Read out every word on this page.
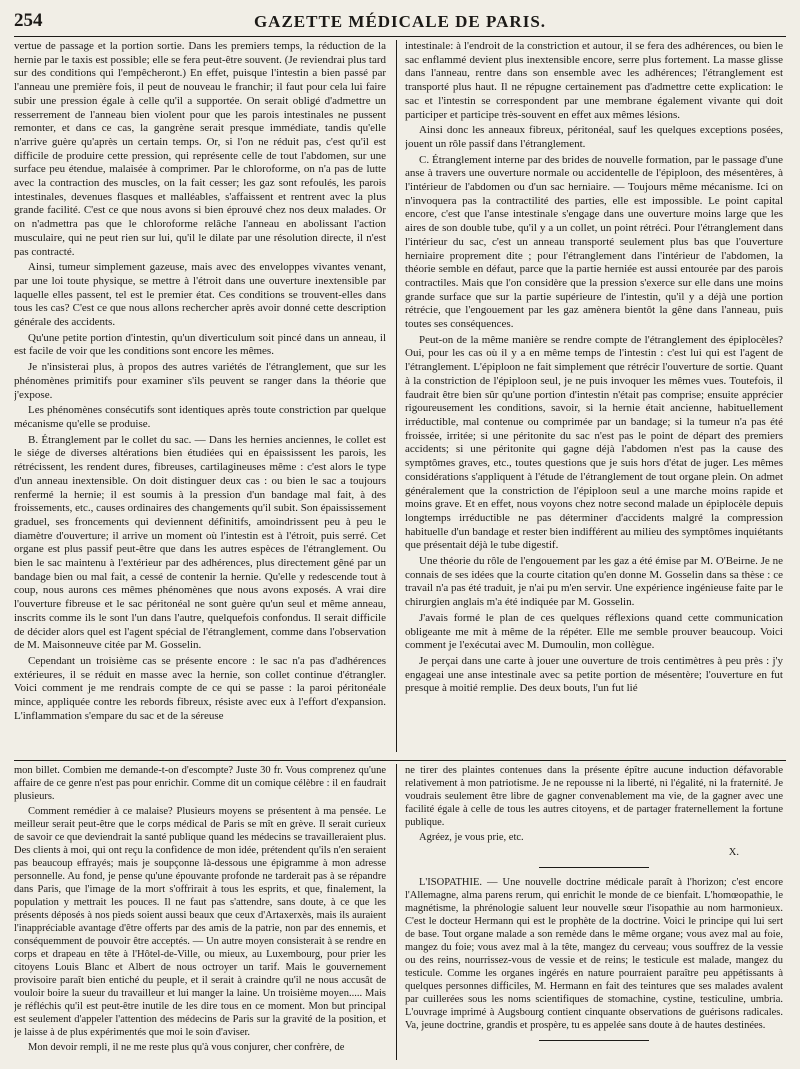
254	GAZETTE MÉDICALE DE PARIS.

vertue de passage et la portion sortie. Dans les premiers temps, la réduction de la hernie par le taxis est possible; elle se fera peut-être souvent. (Je reviendrai plus tard sur des conditions qui l'empêcheront.) En effet, puisque l'intestin a bien passé par l'anneau une première fois, il peut de nouveau le franchir; il faut pour cela lui faire subir une pression égale à celle qu'il a supportée. On serait obligé d'admettre un resserrement de l'anneau bien violent pour que les parois intestinales ne pussent remonter, et dans ce cas, la gangrène serait presque immédiate, tandis qu'elle n'arrive guère qu'après un certain temps. Or, si l'on ne réduit pas, c'est qu'il est difficile de produire cette pression, qui représente celle de tout l'abdomen, sur une surface peu étendue, malaisée à comprimer. Par le chloroforme, on n'a pas de lutte avec la contraction des muscles, on la fait cesser; les gaz sont refoulés, les parois intestinales, devenues flasques et malléables, s'affaissent et rentrent avec la plus grande facilité. C'est ce que nous avons si bien éprouvé chez nos deux malades. Or on n'admettra pas que le chloroforme relâche l'anneau en abolissant l'action musculaire, qui ne peut rien sur lui, qu'il le dilate par une résolution directe, il n'est pas contracté.

Ainsi, tumeur simplement gazeuse, mais avec des enveloppes vivantes venant, par une loi toute physique, se mettre à l'étroit dans une ouverture inextensible par laquelle elles passent, tel est le premier état. Ces conditions se trouvent-elles dans tous les cas? C'est ce que nous allons rechercher après avoir donné cette description générale des accidents.

Qu'une petite portion d'intestin, qu'un diverticulum soit pincé dans un anneau, il est facile de voir que les conditions sont encore les mêmes.

Je n'insisterai plus, à propos des autres variétés de l'étranglement, que sur les phénomènes primitifs pour examiner s'ils peuvent se ranger dans la théorie que j'expose.

Les phénomènes consécutifs sont identiques après toute constriction par quelque mécanisme qu'elle se produise.

B. Étranglement par le collet du sac. — Dans les hernies anciennes, le collet est le siége de diverses altérations bien étudiées qui en épaississent les parois, les rétrécissent, les rendent dures, fibreuses, cartilagineuses même : c'est alors le type d'un anneau inextensible. On doit distinguer deux cas : ou bien le sac a toujours renfermé la hernie; il est soumis à la pression d'un bandage mal fait, à des froissements, etc., causes ordinaires des changements qu'il subit. Son épaississement graduel, ses froncements qui deviennent définitifs, amoindrissent peu à peu le diamètre d'ouverture; il arrive un moment où l'intestin est à l'étroit, puis serré. Cet organe est plus passif peut-être que dans les autres espèces de l'étranglement. Ou bien le sac maintenu à l'extérieur par des adhérences, plus directement gêné par un bandage bien ou mal fait, a cessé de contenir la hernie. Qu'elle y redescende tout à coup, nous aurons ces mêmes phénomènes que nous avons exposés. A vrai dire l'ouverture fibreuse et le sac péritonéal ne sont guère qu'un seul et même anneau, inscrits comme ils le sont l'un dans l'autre, quelquefois confondus. Il serait difficile de décider alors quel est l'agent spécial de l'étranglement, comme dans l'observation de M. Maisonneuve citée par M. Gosselin.

Cependant un troisième cas se présente encore : le sac n'a pas d'adhérences extérieures, il se réduit en masse avec la hernie, son collet continue d'étrangler. Voici comment je me rendrais compte de ce qui se passe : la paroi péritonéale mince, appliquée contre les rebords fibreux, résiste avec eux à l'effort d'expansion. L'inflammation s'empare du sac et de la séreuse

intestinale: à l'endroit de la constriction et autour, il se fera des adhérences, ou bien le sac enflammé devient plus inextensible encore, serre plus fortement. La masse glisse dans l'anneau, rentre dans son ensemble avec les adhérences; l'étranglement est transporté plus haut. Il ne répugne certainement pas d'admettre cette explication: le sac et l'intestin se correspondent par une membrane également vivante qui doit participer et participe très-souvent en effet aux mêmes lésions.

Ainsi donc les anneaux fibreux, péritonéal, sauf les quelques exceptions posées, jouent un rôle passif dans l'étranglement.

C. Étranglement interne par des brides de nouvelle formation, par le passage d'une anse à travers une ouverture normale ou accidentelle de l'épiploon, des mésentères, à l'intérieur de l'abdomen ou d'un sac herniaire. — Toujours même mécanisme. Ici on n'invoquera pas la contractilité des parties, elle est impossible. Le point capital encore, c'est que l'anse intestinale s'engage dans une ouverture moins large que les aires de son double tube, qu'il y a un collet, un point rétréci. Pour l'étranglement dans l'intérieur du sac, c'est un anneau transporté seulement plus bas que l'ouverture herniaire proprement dite ; pour l'étranglement dans l'intérieur de l'abdomen, la théorie semble en défaut, parce que la partie herniée est aussi entourée par des parois contractiles. Mais que l'on considère que la pression s'exerce sur elle dans une moins grande surface que sur la partie supérieure de l'intestin, qu'il y a déjà une portion rétrécie, que l'engouement par les gaz amènera bientôt la gêne dans l'anneau, puis toutes ses conséquences.

Peut-on de la même manière se rendre compte de l'étranglement des épiplocèles? Oui, pour les cas où il y a en même temps de l'intestin : c'est lui qui est l'agent de l'étranglement. L'épiploon ne fait simplement que rétrécir l'ouverture de sortie. Quant à la constriction de l'épiploon seul, je ne puis invoquer les mêmes vues. Toutefois, il faudrait être bien sûr qu'une portion d'intestin n'était pas comprise; ensuite apprécier rigoureusement les conditions, savoir, si la hernie était ancienne, habituellement irréductible, mal contenue ou comprimée par un bandage; si la tumeur n'a pas été froissée, irritée; si une péritonite du sac n'est pas le point de départ des premiers accidents; si une péritonite qui gagne déjà l'abdomen n'est pas la cause des symptômes graves, etc., toutes questions que je suis hors d'état de juger. Les mêmes considérations s'appliquent à l'étude de l'étranglement de tout organe plein. On admet généralement que la constriction de l'épiploon seul a une marche moins rapide et moins grave. Et en effet, nous voyons chez notre second malade un épiplocèle depuis longtemps irréductible ne pas déterminer d'accidents malgré la compression habituelle d'un bandage et rester bien indifférent au milieu des symptômes inquiétants que présentait déjà le tube digestif.

Une théorie du rôle de l'engouement par les gaz a été émise par M. O'Beirne. Je ne connais de ses idées que la courte citation qu'en donne M. Gosselin dans sa thèse : ce travail n'a pas été traduit, je n'ai pu m'en servir. Une expérience ingénieuse faite par le chirurgien anglais m'a été indiquée par M. Gosselin.

J'avais formé le plan de ces quelques réflexions quand cette communication obligeante me mit à même de la répéter. Elle me semble prouver beaucoup. Voici comment je l'exécutai avec M. Dumoulin, mon collègue.

Je perçai dans une carte à jouer une ouverture de trois centimètres à peu près : j'y engageai une anse intestinale avec sa petite portion de mésentère; l'ouverture en fut presque à moitié remplie. Des deux bouts, l'un fut lié

mon billet. Combien me demande-t-on d'escompte? Juste 30 fr. Vous comprenez qu'une affaire de ce genre n'est pas pour enrichir. Comme dit un comique célèbre : il en faudrait plusieurs.

Comment remédier à ce malaise? Plusieurs moyens se présentent à ma pensée. Le meilleur serait peut-être que le corps médical de Paris se mît en grève. Il serait curieux de savoir ce que deviendrait la santé publique quand les médecins se travailleraient plus. Des clients à moi, qui ont reçu la confidence de mon idée, prétendent qu'ils n'en seraient pas beaucoup effrayés; mais je soupçonne là-dessous une épigramme à mon adresse personnelle. Au fond, je pense qu'une épouvante profonde ne tarderait pas à se répandre dans Paris, que l'image de la mort s'offrirait à tous les esprits, et que, finalement, la population y mettrait les pouces. Il ne faut pas s'attendre, sans doute, à ce que les présents déposés à nos pieds soient aussi beaux que ceux d'Artaxerxès, mais ils auraient l'inappréciable avantage d'être offerts par des amis de la patrie, non par des ennemis, et conséquemment de pouvoir être acceptés. — Un autre moyen consisterait à se rendre en corps et drapeau en tête à l'Hôtel-de-Ville, ou mieux, au Luxembourg, pour prier les citoyens Louis Blanc et Albert de nous octroyer un tarif. Mais le gouvernement provisoire paraît bien entiché du peuple, et il serait à craindre qu'il ne nous accusât de vouloir boire la sueur du travailleur et lui manger la laine. Un troisième moyen..... Mais je réfléchis qu'il est peut-être inutile de les dire tous en ce moment. Mon but principal est seulement d'appeler l'attention des médecins de Paris sur la gravité de la position, et je laisse à de plus expérimentés que moi le soin d'aviser.

Mon devoir rempli, il ne me reste plus qu'à vous conjurer, cher confrère, de

ne tirer des plaintes contenues dans la présente épître aucune induction défavorable relativement à mon patriotisme. Je ne repousse ni la liberté, ni l'égalité, ni la fraternité. Je voudrais seulement être libre de gagner convenablement ma vie, de la gagner avec une facilité égale à celle de tous les autres citoyens, et de partager fraternellement la fortune publique.

Agréez, je vous prie, etc.

X.

L'ISOPATHIE. — Une nouvelle doctrine médicale paraît à l'horizon; c'est encore l'Allemagne, alma parens rerum, qui enrichit le monde de ce bienfait. L'homœopathie, le magnétisme, la phrénologie saluent leur nouvelle sœur l'isopathie au nom harmonieux. C'est le docteur Hermann qui est le prophète de la doctrine. Voici le principe qui lui sert de base. Tout organe malade a son remède dans le même organe; vous avez mal au foie, mangez du foie; vous avez mal à la tête, mangez du cerveau; vous souffrez de la vessie ou des reins, nourrissez-vous de vessie et de reins; le testicule est malade, mangez du testicule. Comme les organes ingérés en nature pourraient paraître peu appétissants à quelques personnes difficiles, M. Hermann en fait des teintures que ses malades avalent par cuillerées sous les noms scientifiques de stomachine, cystine, testiculine, umbria. L'ouvrage imprimé à Augsbourg contient cinquante observations de guérisons radicales. Va, jeune doctrine, grandis et prospère, tu es appelée sans doute à de hautes destinées.
